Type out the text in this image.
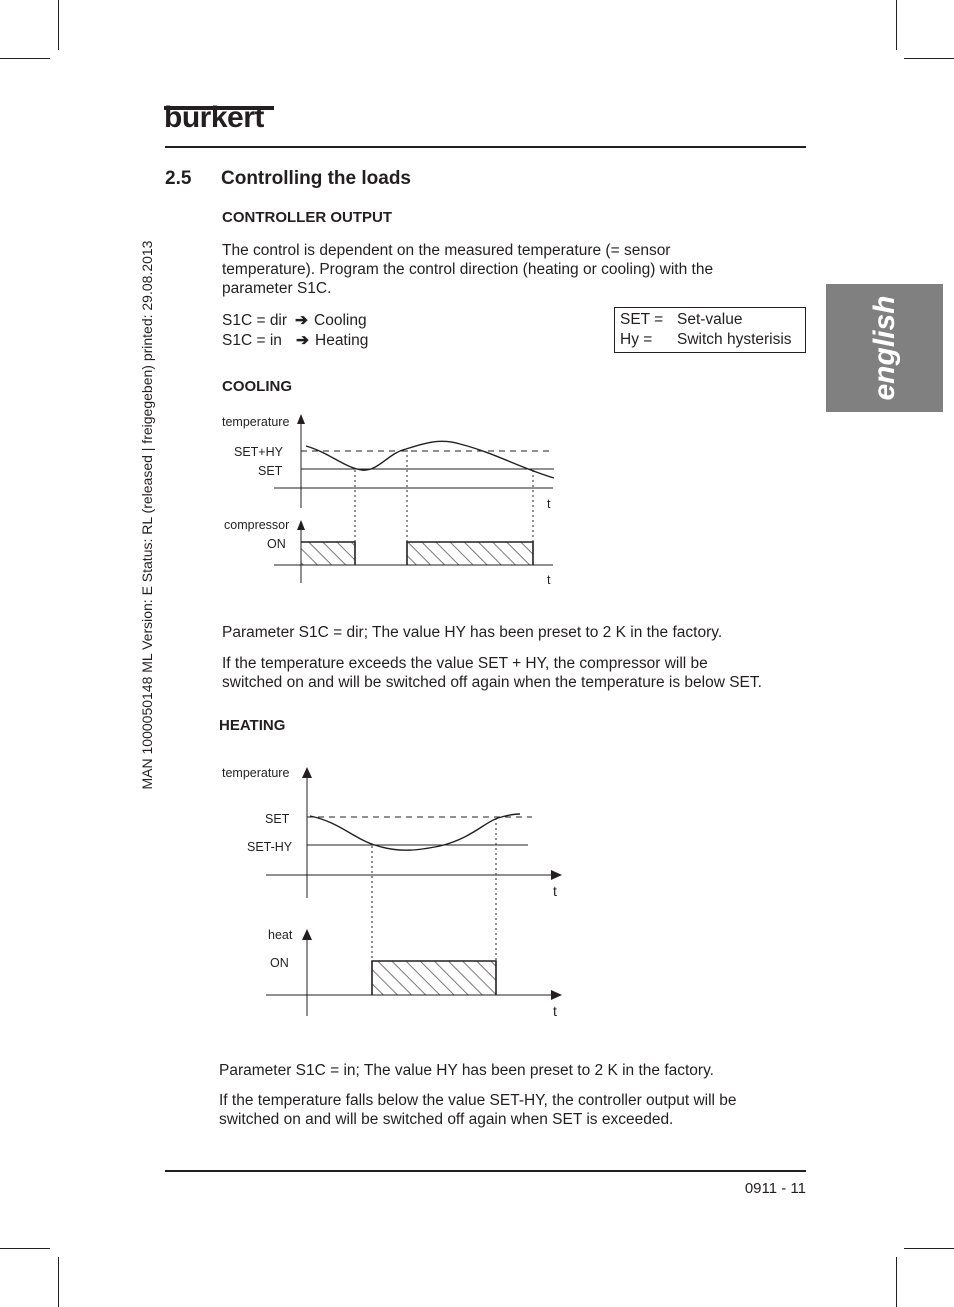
bürkert
2.5 Controlling the loads
CONTROLLER OUTPUT
The control is dependent on the measured temperature (= sensor
temperature). Program the control direction (heating or cooling) with the
parameter S1C.
S1C = dir ➔ Cooling
S1C = in ➔ Heating
SET = Set-value
Hy = Switch hysterisis
COOLING
temperature
SET+HY
SET
t
compressor
ON
t
Parameter S1C = dir; The value HY has been preset to 2 K in the factory.
If the temperature exceeds the value SET + HY, the compressor will be
switched on and will be switched off again when the temperature is below SET.
HEATING
temperature
SET
SET-HY
t
heat
ON
t
Parameter S1C = in; The value HY has been preset to 2 K in the factory.
If the temperature falls below the value SET-HY, the controller output will be
switched on and will be switched off again when SET is exceeded.
0911 - 11
english
MAN 1000050148 ML Version: E Status: RL (released | freigegeben) printed: 29.08.2013
